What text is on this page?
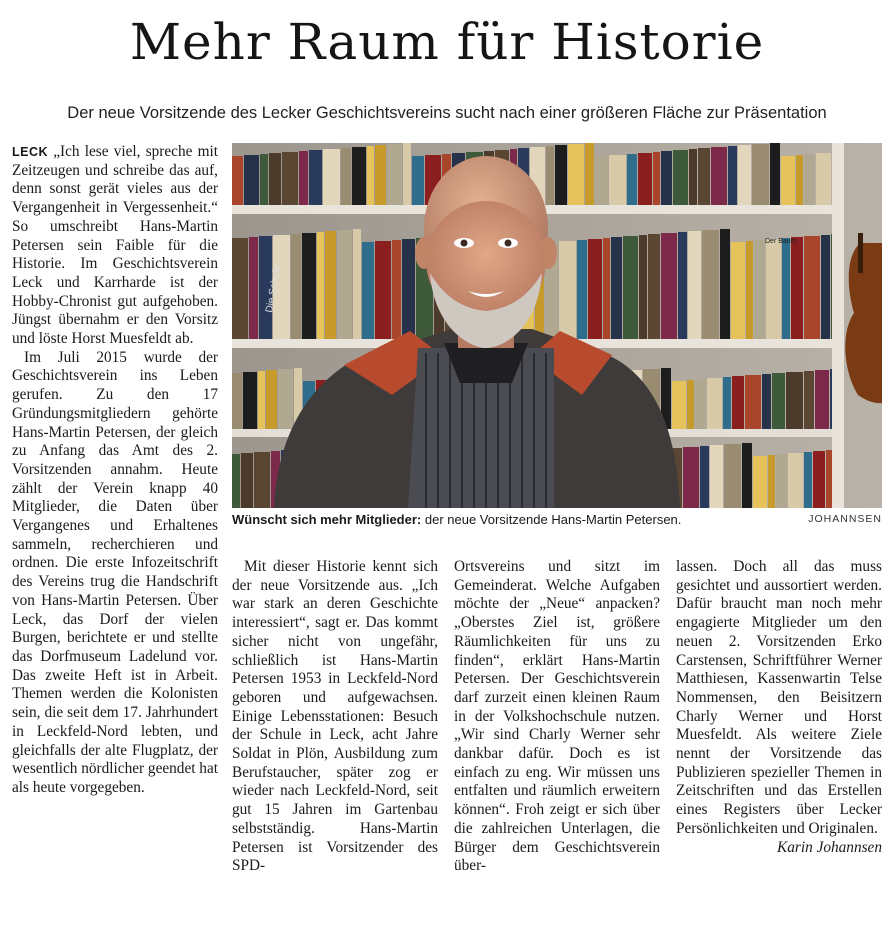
Mehr Raum für Historie

Der neue Vorsitzende des Lecker Geschichtsvereins sucht nach einer größeren Fläche zur Präsentation

LECK „Ich lese viel, spreche mit Zeitzeugen und schreibe das auf, denn sonst gerät vieles aus der Vergangenheit in Vergessenheit.“ So umschreibt Hans-Martin Petersen sein Faible für die Historie. Im Geschichtsverein Leck und Karrharde ist der Hobby-Chronist gut aufgehoben. Jüngst übernahm er den Vorsitz und löste Horst Muesfeldt ab.

Im Juli 2015 wurde der Geschichtsverein ins Leben gerufen. Zu den 17 Gründungsmitgliedern gehörte Hans-Martin Petersen, der gleich zu Anfang das Amt des 2. Vorsitzenden annahm. Heute zählt der Verein knapp 40 Mitglieder, die Daten über Vergangenes und Erhaltenes sammeln, recherchieren und ordnen. Die erste Infozeitschrift des Vereins trug die Handschrift von Hans-Martin Petersen. Über Leck, das Dorf der vielen Burgen, berichtete er und stellte das Dorfmuseum Ladelund vor. Das zweite Heft ist in Arbeit. Themen werden die Kolonisten sein, die seit dem 17. Jahrhundert in Leckfeld-Nord lebten, und gleichfalls der alte Flugplatz, der wesentlich nördlicher geendet hat als heute vorgegeben.

Die Schule
Der Baum
Wünscht sich mehr Mitglieder: der neue Vorsitzende Hans-Martin Petersen.	JOHANNSEN

Mit dieser Historie kennt sich der neue Vorsitzende aus. „Ich war stark an deren Geschichte interessiert“, sagt er. Das kommt sicher nicht von ungefähr, schließlich ist Hans-Martin Petersen 1953 in Leckfeld-Nord geboren und aufgewachsen. Einige Lebensstationen: Besuch der Schule in Leck, acht Jahre Soldat in Plön, Ausbildung zum Berufstaucher, später zog er wieder nach Leckfeld-Nord, seit gut 15 Jahren im Gartenbau selbstständig. Hans-Martin Petersen ist Vorsitzender des SPD-

Ortsvereins und sitzt im Gemeinderat. Welche Aufgaben möchte der „Neue“ anpacken? „Oberstes Ziel ist, größere Räumlichkeiten für uns zu finden“, erklärt Hans-Martin Petersen. Der Geschichtsverein darf zurzeit einen kleinen Raum in der Volkshochschule nutzen. „Wir sind Charly Werner sehr dankbar dafür. Doch es ist einfach zu eng. Wir müssen uns entfalten und räumlich erweitern können“. Froh zeigt er sich über die zahlreichen Unterlagen, die Bürger dem Geschichtsverein über-

lassen. Doch all das muss gesichtet und aussortiert werden. Dafür braucht man noch mehr engagierte Mitglieder um den neuen 2. Vorsitzenden Erko Carstensen, Schriftführer Werner Matthiesen, Kassenwartin Telse Nommensen, den Beisitzern Charly Werner und Horst Muesfeldt. Als weitere Ziele nennt der Vorsitzende das Publizieren spezieller Themen in Zeitschriften und das Erstellen eines Registers über Lecker Persönlichkeiten und Originalen.

Karin Johannsen
